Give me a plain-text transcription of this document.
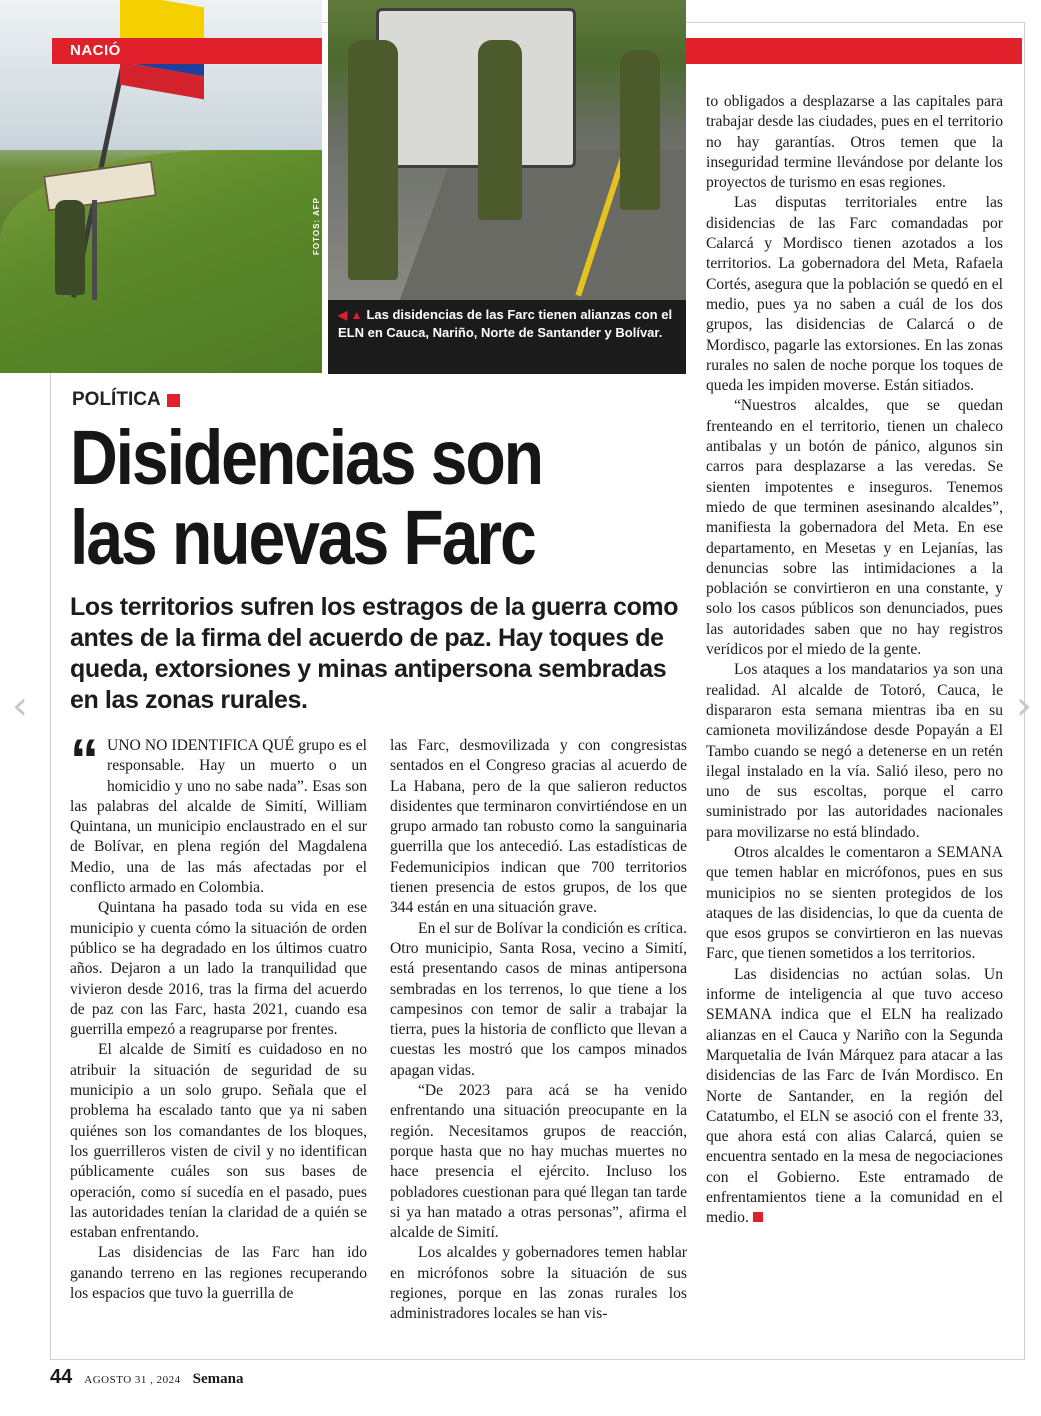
NACIÓ
FOTOS: AFP
◀ ▲ Las disidencias de las Farc tienen alianzas con el ELN en Cauca, Nariño, Norte de Santander y Bolívar.
POLÍTICA
Disidencias son
las nuevas Farc

Los territorios sufren los estragos de la guerra como antes de la firma del acuerdo de paz. Hay toques de queda, extorsiones y minas antipersona sembradas en las zonas rurales.

“ UNO NO IDENTIFICA QUÉ grupo es el responsable. Hay un muerto o un homicidio y uno no sabe nada”. Esas son las palabras del alcalde de Simití, William Quintana, un municipio enclaustrado en el sur de Bolívar, en plena región del Magdalena Medio, una de las más afectadas por el conflicto armado en Colombia.

Quintana ha pasado toda su vida en ese municipio y cuenta cómo la situación de orden público se ha degradado en los últimos cuatro años. Dejaron a un lado la tranquilidad que vivieron desde 2016, tras la firma del acuerdo de paz con las Farc, hasta 2021, cuando esa guerrilla empezó a reagruparse por frentes.

El alcalde de Simití es cuidadoso en no atribuir la situación de seguridad de su municipio a un solo grupo. Señala que el problema ha escalado tanto que ya ni saben quiénes son los comandantes de los bloques, los guerrilleros visten de civil y no identifican públicamente cuáles son sus bases de operación, como sí sucedía en el pasado, pues las autoridades tenían la claridad de a quién se estaban enfrentando.

Las disidencias de las Farc han ido ganando terreno en las regiones recuperando los espacios que tuvo la guerrilla de

las Farc, desmovilizada y con congresistas sentados en el Congreso gracias al acuerdo de La Habana, pero de la que salieron reductos disidentes que terminaron convirtiéndose en un grupo armado tan robusto como la sanguinaria guerrilla que los antecedió. Las estadísticas de Fedemunicipios indican que 700 territorios tienen presencia de estos grupos, de los que 344 están en una situación grave.

En el sur de Bolívar la condición es crítica. Otro municipio, Santa Rosa, vecino a Simití, está presentando casos de minas antipersona sembradas en los terrenos, lo que tiene a los campesinos con temor de salir a trabajar la tierra, pues la historia de conflicto que llevan a cuestas les mostró que los campos minados apagan vidas.

“De 2023 para acá se ha venido enfrentando una situación preocupante en la región. Necesitamos grupos de reacción, porque hasta que no hay muchas muertes no hace presencia el ejército. Incluso los pobladores cuestionan para qué llegan tan tarde si ya han matado a otras personas”, afirma el alcalde de Simití.

Los alcaldes y gobernadores temen hablar en micrófonos sobre la situación de sus regiones, porque en las zonas rurales los administradores locales se han vis-

to obligados a desplazarse a las capitales para trabajar desde las ciudades, pues en el territorio no hay garantías. Otros temen que la inseguridad termine llevándose por delante los proyectos de turismo en esas regiones.

Las disputas territoriales entre las disidencias de las Farc comandadas por Calarcá y Mordisco tienen azotados a los territorios. La gobernadora del Meta, Rafaela Cortés, asegura que la población se quedó en el medio, pues ya no saben a cuál de los dos grupos, las disidencias de Calarcá o de Mordisco, pagarle las extorsiones. En las zonas rurales no salen de noche porque los toques de queda les impiden moverse. Están sitiados.

“Nuestros alcaldes, que se quedan frenteando en el territorio, tienen un chaleco antibalas y un botón de pánico, algunos sin carros para desplazarse a las veredas. Se sienten impotentes e inseguros. Tenemos miedo de que terminen asesinando alcaldes”, manifiesta la gobernadora del Meta. En ese departamento, en Mesetas y en Lejanías, las denuncias sobre las intimidaciones a la población se convirtieron en una constante, y solo los casos públicos son denunciados, pues las autoridades saben que no hay registros verídicos por el miedo de la gente.

Los ataques a los mandatarios ya son una realidad. Al alcalde de Totoró, Cauca, le dispararon esta semana mientras iba en su camioneta movilizándose desde Popayán a El Tambo cuando se negó a detenerse en un retén ilegal instalado en la vía. Salió ileso, pero no uno de sus escoltas, porque el carro suministrado por las autoridades nacionales para movilizarse no está blindado.

Otros alcaldes le comentaron a SEMANA que temen hablar en micrófonos, pues en sus municipios no se sienten protegidos de los ataques de las disidencias, lo que da cuenta de que esos grupos se convirtieron en las nuevas Farc, que tienen sometidos a los territorios.

Las disidencias no actúan solas. Un informe de inteligencia al que tuvo acceso SEMANA indica que el ELN ha realizado alianzas en el Cauca y Nariño con la Segunda Marquetalia de Iván Márquez para atacar a las disidencias de las Farc de Iván Mordisco. En Norte de Santander, en la región del Catatumbo, el ELN se asoció con el frente 33, que ahora está con alias Calarcá, quien se encuentra sentado en la mesa de negociaciones con el Gobierno. Este entramado de enfrentamientos tiene a la comunidad en el medio.

44 AGOSTO 31 , 2024 Semana
‹	›
